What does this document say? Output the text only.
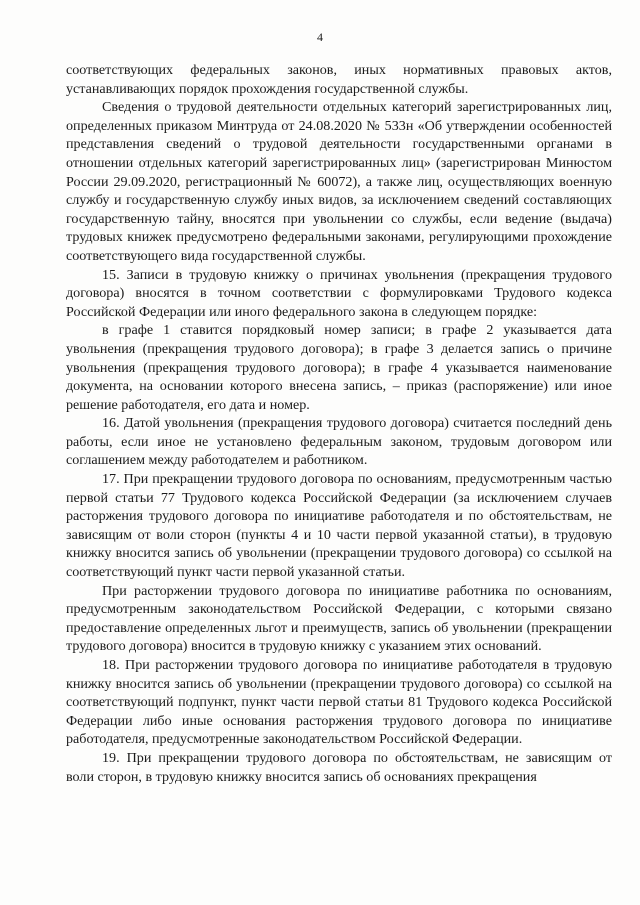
4

соответствующих федеральных законов, иных нормативных правовых актов, устанавливающих порядок прохождения государственной службы.

Сведения о трудовой деятельности отдельных категорий зарегистрированных лиц, определенных приказом Минтруда от 24.08.2020 № 533н «Об утверждении особенностей представления сведений о трудовой деятельности государственными органами в отношении отдельных категорий зарегистрированных лиц» (зарегистрирован Минюстом России 29.09.2020, регистрационный № 60072), а также лиц, осуществляющих военную службу и государственную службу иных видов, за исключением сведений составляющих государственную тайну, вносятся при увольнении со службы, если ведение (выдача) трудовых книжек предусмотрено федеральными законами, регулирующими прохождение соответствующего вида государственной службы.

15. Записи в трудовую книжку о причинах увольнения (прекращения трудового договора) вносятся в точном соответствии с формулировками Трудового кодекса Российской Федерации или иного федерального закона в следующем порядке:

в графе 1 ставится порядковый номер записи; в графе 2 указывается дата увольнения (прекращения трудового договора); в графе 3 делается запись о причине увольнения (прекращения трудового договора); в графе 4 указывается наименование документа, на основании которого внесена запись, – приказ (распоряжение) или иное решение работодателя, его дата и номер.

16. Датой увольнения (прекращения трудового договора) считается последний день работы, если иное не установлено федеральным законом, трудовым договором или соглашением между работодателем и работником.

17. При прекращении трудового договора по основаниям, предусмотренным частью первой статьи 77 Трудового кодекса Российской Федерации (за исключением случаев расторжения трудового договора по инициативе работодателя и по обстоятельствам, не зависящим от воли сторон (пункты 4 и 10 части первой указанной статьи), в трудовую книжку вносится запись об увольнении (прекращении трудового договора) со ссылкой на соответствующий пункт части первой указанной статьи.

При расторжении трудового договора по инициативе работника по основаниям, предусмотренным законодательством Российской Федерации, с которыми связано предоставление определенных льгот и преимуществ, запись об увольнении (прекращении трудового договора) вносится в трудовую книжку с указанием этих оснований.

18. При расторжении трудового договора по инициативе работодателя в трудовую книжку вносится запись об увольнении (прекращении трудового договора) со ссылкой на соответствующий подпункт, пункт части первой статьи 81 Трудового кодекса Российской Федерации либо иные основания расторжения трудового договора по инициативе работодателя, предусмотренные законодательством Российской Федерации.

19. При прекращении трудового договора по обстоятельствам, не зависящим от воли сторон, в трудовую книжку вносится запись об основаниях прекращения
